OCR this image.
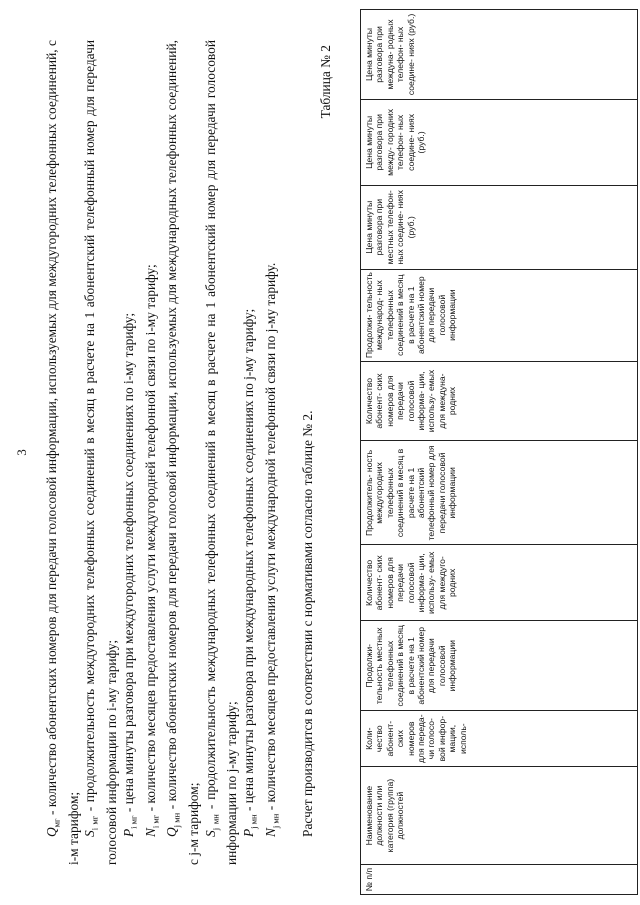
3

$Q_{мг}$ - количество абонентских номеров для передачи голосовой информации, используемых для междугородних телефонных соединений, с i-м тарифом; $S_{i мг}$ - продолжительность междугородних телефонных соединений в месяц в расчете на 1 абонентский телефонный номер для передачи голосовой информации по i-му тарифу; $P_{i мг}$ - цена минуты разговора при междугородних телефонных соединениях по i-му тарифу;

$N_{i мг}$ - количество месяцев предоставления услуги междугородней телефонной связи по i-му тарифу;

$Q_{j мн}$ - количество абонентских номеров для передачи голосовой информации, используемых для международных телефонных соединений, с j-м тарифом; $S_{j мн}$ - продолжительность международных телефонных соединений в месяц в расчете на 1 абонентский номер для передачи голосовой информации по j-му тарифу; $P_{j мн}$ - цена минуты разговора при международных телефонных соединениях по j-му тарифу;

$N_{j мн}$ - количество месяцев предоставления услуги международной телефонной связи по j-му тарифу.	Расчет производится в соответствии с нормативами согласно таблице № 2.

Таблица № 2
№ п/п	Наименование должности или категория (группа) должностей	Коли- чество абонент- ских номеров для переда- чи голосо- вой инфор- мации, исполь-	Продолжи- тельность местных телефонных соединений в месяц в расчете на 1 абонентский номер для передачи голосовой информации	Количество абонент- ских номеров для передачи голосовой информа- ции, использу- емых для междуго- родних	Продолжитель- ность междугородних телефонных соединений в месяц в расчете на 1 абонентский телефонный номер для передачи голосовой информации	Количество абонент- ских номеров для передачи голосовой информа- ции, использу- емых для междуна- родних	Продолжи- тельность международ- ных телефонных соединений в месяц в расчете на 1 абонентский номер для передачи голосовой информации	Цена минуты разговора при местных телефон- ных соедине- ниях (руб.)	Цена минуты разговора при между- городних телефон- ных соедине- ниях (руб.)	Цена минуты разговора при междуна- родных телефон- ных соедине- ниях (руб.)
